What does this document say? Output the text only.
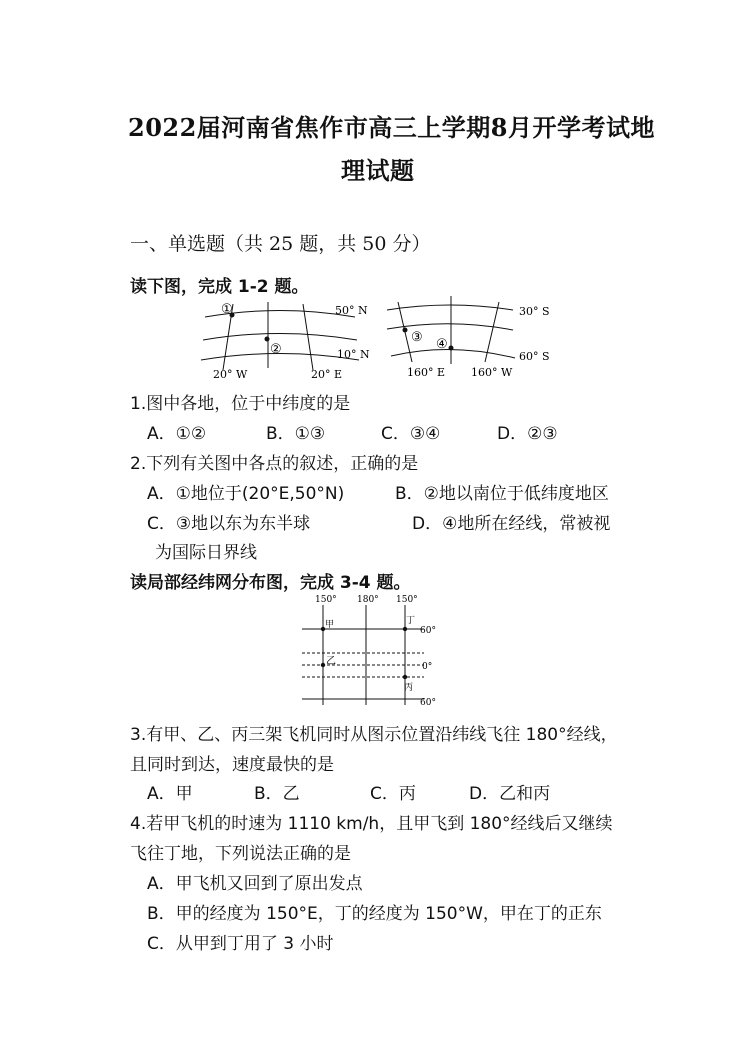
2022届河南省焦作市高三上学期8月开学考试地
理试题
一、单选题（共 25 题，共 50 分）
读下图，完成 1-2 题。
①
②
50° N
10° N
20° W	20° E
③ ④
30° S
60° S
160° E 160° W
1.图中各地，位于中纬度的是
A．①②	B．①③	C．③④	D．②③
2.下列有关图中各点的叙述，正确的是
A．①地位于(20°E,50°N)	B．②地以南位于低纬度地区
C．③地以东为东半球	D．④地所在经线，常被视
为国际日界线
读局部经纬网分布图，完成 3-4 题。
150° 180° 150°
60°
0°
60°
甲
乙
丙
丁
3.有甲、乙、丙三架飞机同时从图示位置沿纬线飞往 180°经线，
且同时到达，速度最快的是
A．甲	B．乙	C．丙	D．乙和丙
4.若甲飞机的时速为 1110 km/h，且甲飞到 180°经线后又继续
飞往丁地，下列说法正确的是
A．甲飞机又回到了原出发点
B．甲的经度为 150°E，丁的经度为 150°W，甲在丁的正东
C．从甲到丁用了 3 小时
